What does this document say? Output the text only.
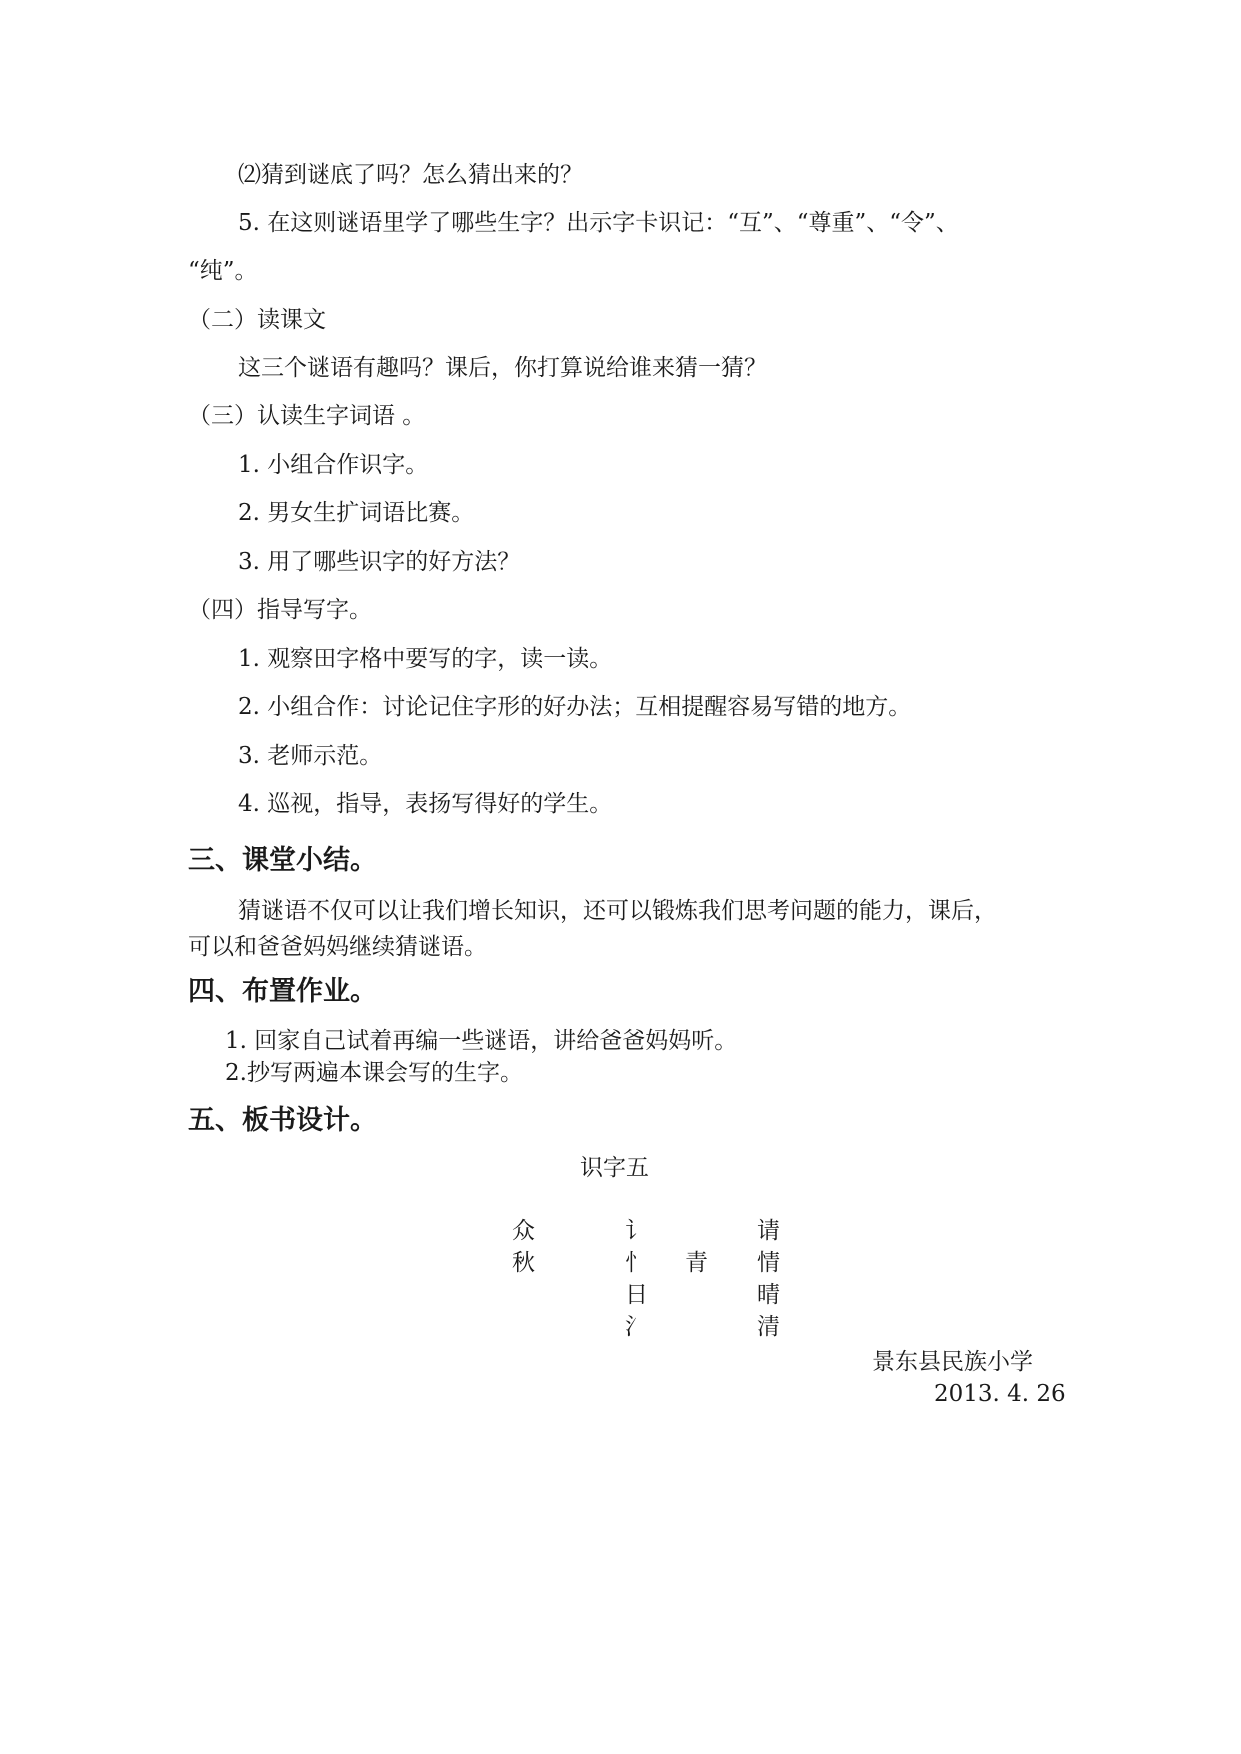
⑵猜到谜底了吗？怎么猜出来的？
5. 在这则谜语里学了哪些生字？出示字卡识记：“互”、“尊重”、“令”、
“纯”。
（二）读课文
这三个谜语有趣吗？课后，你打算说给谁来猜一猜？
（三）认读生字词语 。
1. 小组合作识字。
2. 男女生扩词语比赛。
3. 用了哪些识字的好方法？
（四）指导写字。
1. 观察田字格中要写的字，读一读。
2. 小组合作：讨论记住字形的好办法；互相提醒容易写错的地方。
3. 老师示范。
4. 巡视，指导，表扬写得好的学生。
三、课堂小结。
猜谜语不仅可以让我们增长知识，还可以锻炼我们思考问题的能力，课后，
可以和爸爸妈妈继续猜谜语。
四、布置作业。
1. 回家自己试着再编一些谜语，讲给爸爸妈妈听。
2.抄写两遍本课会写的生字。
五、板书设计。
识字五
众
秋
讠
忄
日
氵
青
请
情
晴
清
景东县民族小学
2013. 4. 26
